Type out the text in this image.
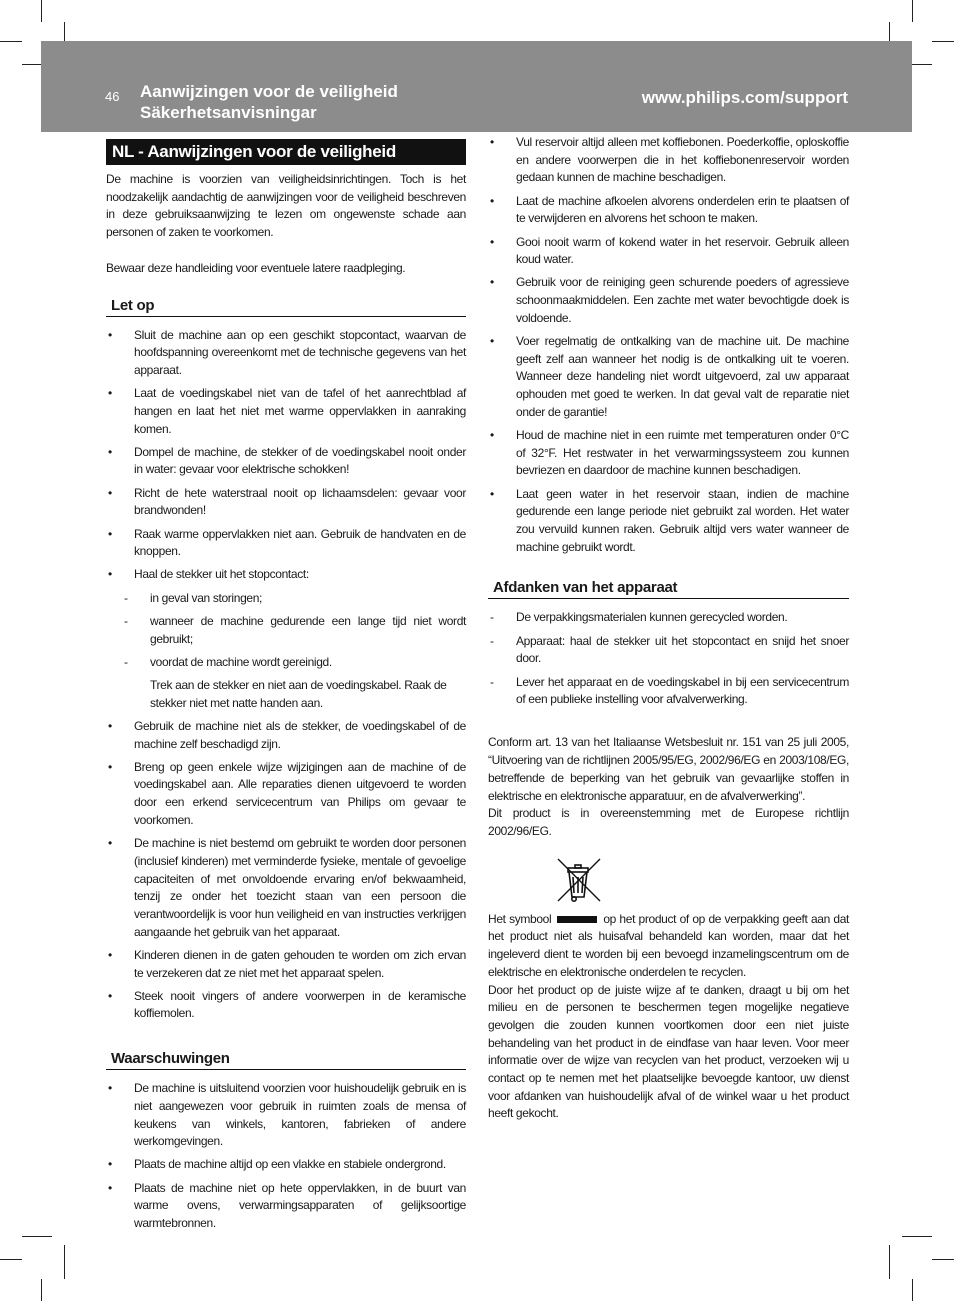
46 Aanwijzingen voor de veiligheid
Säkerhetsanvisningar
www.philips.com/support
NL - Aanwijzingen voor de veiligheid

De machine is voorzien van veiligheidsinrichtingen. Toch is het noodzakelijk aandachtig de aanwijzingen voor de veiligheid beschreven in deze gebruiksaanwijzing te lezen om ongewenste schade aan personen of zaken te voorkomen.

Bewaar deze handleiding voor eventuele latere raadpleging.

Let op
• Sluit de machine aan op een geschikt stopcontact, waarvan de hoofdspanning overeenkomt met de technische gegevens van het apparaat.
• Laat de voedingskabel niet van de tafel of het aanrechtblad af hangen en laat het niet met warme oppervlakken in aanraking komen.
• Dompel de machine, de stekker of de voedingskabel nooit onder in water: gevaar voor elektrische schokken!
• Richt de hete waterstraal nooit op lichaamsdelen: gevaar voor brandwonden!
• Raak warme oppervlakken niet aan. Gebruik de handvaten en de knoppen.
• Haal de stekker uit het stopcontact:
- in geval van storingen;
- wanneer de machine gedurende een lange tijd niet wordt gebruikt;
- voordat de machine wordt gereinigd.
Trek aan de stekker en niet aan de voedingskabel. Raak de stekker niet met natte handen aan.
• Gebruik de machine niet als de stekker, de voedingskabel of de machine zelf beschadigd zijn.
• Breng op geen enkele wijze wijzigingen aan de machine of de voedingskabel aan. Alle reparaties dienen uitgevoerd te worden door een erkend servicecentrum van Philips om gevaar te voorkomen.
• De machine is niet bestemd om gebruikt te worden door personen (inclusief kinderen) met verminderde fysieke, mentale of gevoelige capaciteiten of met onvoldoende ervaring en/of bekwaamheid, tenzij ze onder het toezicht staan van een persoon die verantwoordelijk is voor hun veiligheid en van instructies verkrijgen aangaande het gebruik van het apparaat.
• Kinderen dienen in de gaten gehouden te worden om zich ervan te verzekeren dat ze niet met het apparaat spelen.
• Steek nooit vingers of andere voorwerpen in de keramische koffiemolen.
Waarschuwingen
• De machine is uitsluitend voorzien voor huishoudelijk gebruik en is niet aangewezen voor gebruik in ruimten zoals de mensa of keukens van winkels, kantoren, fabrieken of andere werkomgevingen.
• Plaats de machine altijd op een vlakke en stabiele ondergrond.
• Plaats de machine niet op hete oppervlakken, in de buurt van warme ovens, verwarmingsapparaten of gelijksoortige warmtebronnen.
• Vul reservoir altijd alleen met koffiebonen. Poederkoffie, oploskoffie en andere voorwerpen die in het koffiebonenreservoir worden gedaan kunnen de machine beschadigen.
• Laat de machine afkoelen alvorens onderdelen erin te plaatsen of te verwijderen en alvorens het schoon te maken.
• Gooi nooit warm of kokend water in het reservoir. Gebruik alleen koud water.
• Gebruik voor de reiniging geen schurende poeders of agressieve schoonmaakmiddelen. Een zachte met water bevochtigde doek is voldoende.
• Voer regelmatig de ontkalking van de machine uit. De machine geeft zelf aan wanneer het nodig is de ontkalking uit te voeren. Wanneer deze handeling niet wordt uitgevoerd, zal uw apparaat ophouden met goed te werken. In dat geval valt de reparatie niet onder de garantie!
• Houd de machine niet in een ruimte met temperaturen onder 0°C of 32°F. Het restwater in het verwarmingssysteem zou kunnen bevriezen en daardoor de machine kunnen beschadigen.
• Laat geen water in het reservoir staan, indien de machine gedurende een lange periode niet gebruikt zal worden. Het water zou vervuild kunnen raken. Gebruik altijd vers water wanneer de machine gebruikt wordt.
Afdanken van het apparaat
- De verpakkingsmaterialen kunnen gerecycled worden.
- Apparaat: haal de stekker uit het stopcontact en snijd het snoer door.
- Lever het apparaat en de voedingskabel in bij een servicecentrum of een publieke instelling voor afvalverwerking.

Conform art. 13 van het Italiaanse Wetsbesluit nr. 151 van 25 juli 2005, “Uitvoering van de richtlijnen 2005/95/EG, 2002/96/EG en 2003/108/EG, betreffende de beperking van het gebruik van gevaarlijke stoffen in elektrische en elektronische apparatuur, en de afvalverwerking”.

Dit product is in overeenstemming met de Europese richtlijn 2002/96/EG.

Het symbool	op het product of op de verpakking geeft aan dat het product niet als huisafval behandeld kan worden, maar dat het ingeleverd dient te worden bij een bevoegd inzamelingscentrum om de elektrische en elektronische onderdelen te recyclen.

Door het product op de juiste wijze af te danken, draagt u bij om het milieu en de personen te beschermen tegen mogelijke negatieve gevolgen die zouden kunnen voortkomen door een niet juiste behandeling van het product in de eindfase van haar leven. Voor meer informatie over de wijze van recyclen van het product, verzoeken wij u contact op te nemen met het plaatselijke bevoegde kantoor, uw dienst voor afdanken van huishoudelijk afval of de winkel waar u het product heeft gekocht.
